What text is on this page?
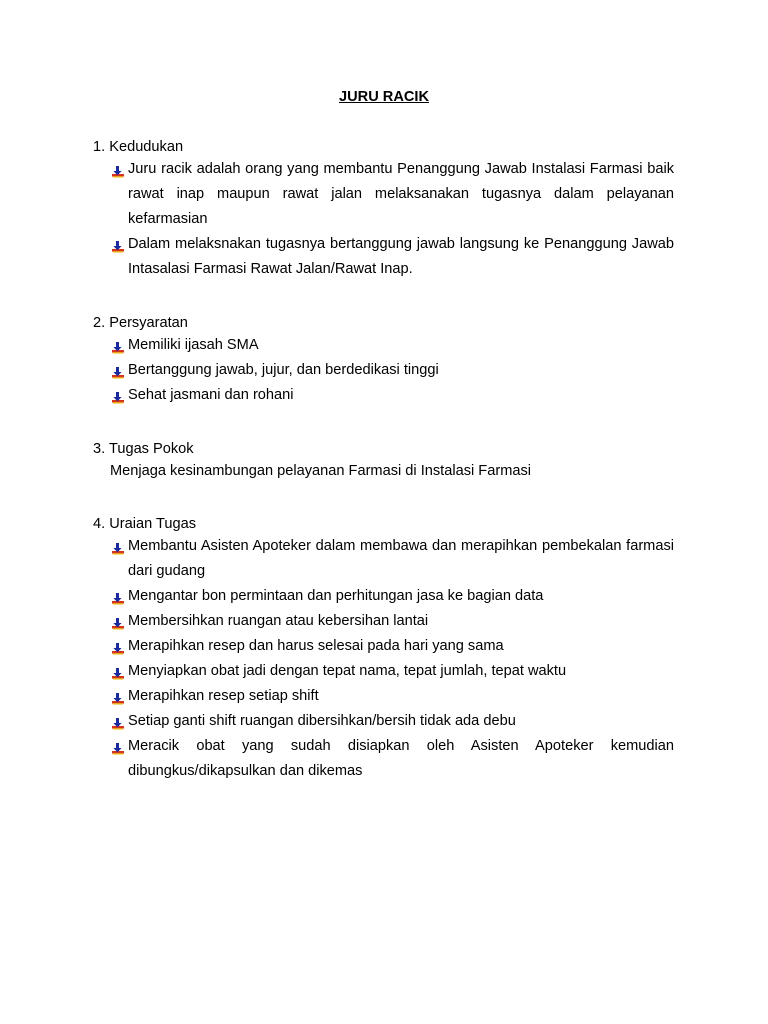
JURU RACIK
1. Kedudukan
Juru racik adalah orang yang membantu Penanggung Jawab Instalasi Farmasi baik rawat inap maupun rawat jalan melaksanakan tugasnya dalam pelayanan kefarmasian
Dalam melaksnakan tugasnya bertanggung jawab langsung ke Penanggung Jawab Intasalasi Farmasi Rawat Jalan/Rawat Inap.
2. Persyaratan
Memiliki ijasah SMA
Bertanggung jawab, jujur, dan berdedikasi tinggi
Sehat jasmani dan rohani
3. Tugas Pokok
Menjaga kesinambungan pelayanan Farmasi di Instalasi Farmasi
4. Uraian Tugas
Membantu Asisten Apoteker dalam membawa dan merapihkan pembekalan farmasi dari gudang
Mengantar bon permintaan dan perhitungan jasa ke bagian data
Membersihkan ruangan atau kebersihan lantai
Merapihkan resep dan harus selesai pada hari yang sama
Menyiapkan obat jadi dengan tepat nama, tepat jumlah, tepat waktu
Merapihkan resep setiap shift
Setiap ganti shift ruangan dibersihkan/bersih tidak ada debu
Meracik obat yang sudah disiapkan oleh Asisten Apoteker kemudian dibungkus/dikapsulkan dan dikemas
